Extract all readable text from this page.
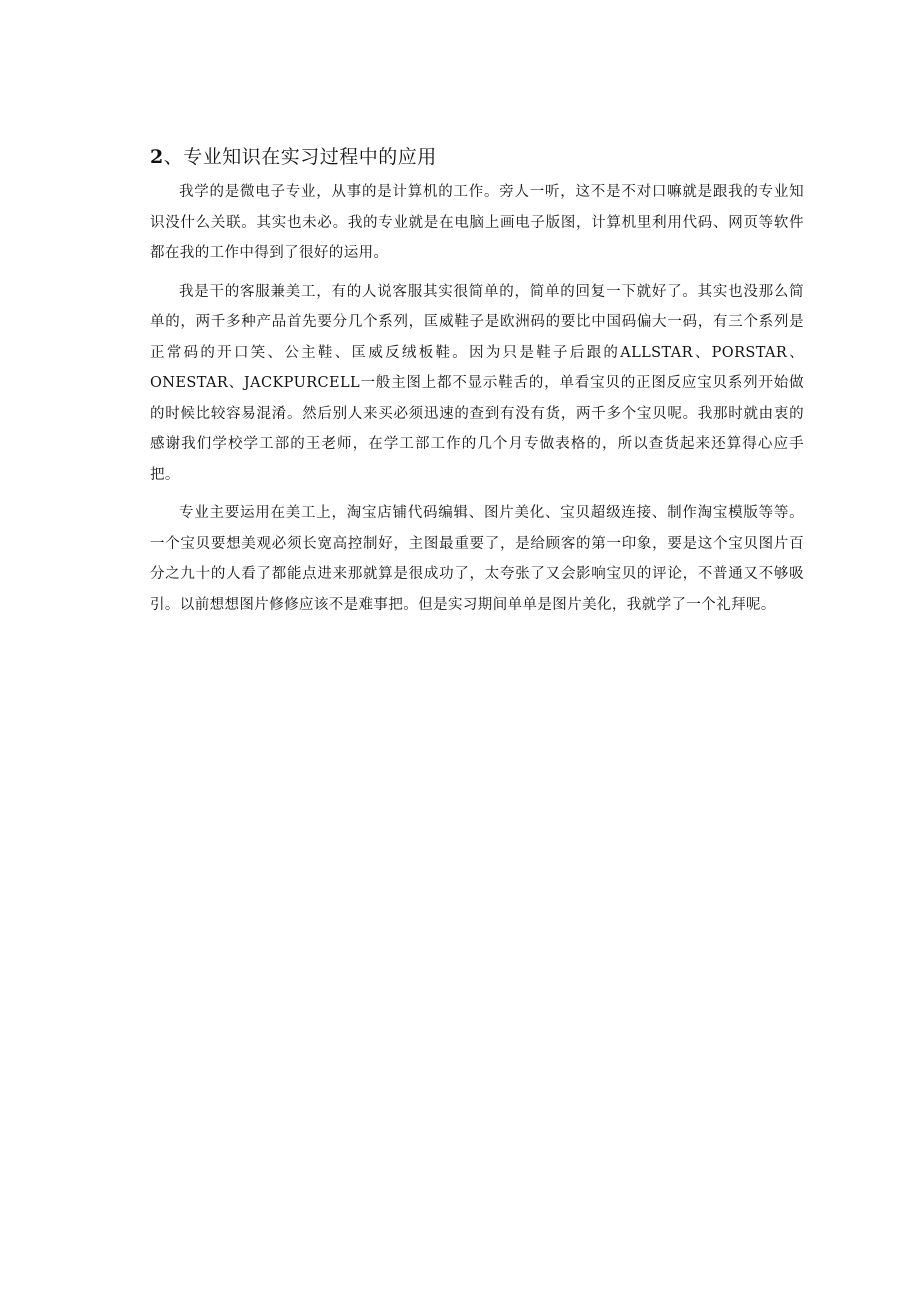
2、专业知识在实习过程中的应用

我学的是微电子专业，从事的是计算机的工作。旁人一听，这不是不对口嘛就是跟我的专业知识没什么关联。其实也未必。我的专业就是在电脑上画电子版图，计算机里利用代码、网页等软件都在我的工作中得到了很好的运用。

我是干的客服兼美工，有的人说客服其实很简单的，简单的回复一下就好了。其实也没那么简单的，两千多种产品首先要分几个系列，匡威鞋子是欧洲码的要比中国码偏大一码，有三个系列是正常码的开口笑、公主鞋、匡威反绒板鞋。因为只是鞋子后跟的ALLSTAR、PORSTAR、ONESTAR、JACKPURCELL一般主图上都不显示鞋舌的，单看宝贝的正图反应宝贝系列开始做的时候比较容易混淆。然后别人来买必须迅速的查到有没有货，两千多个宝贝呢。我那时就由衷的感谢我们学校学工部的王老师，在学工部工作的几个月专做表格的，所以查货起来还算得心应手把。

专业主要运用在美工上，淘宝店铺代码编辑、图片美化、宝贝超级连接、制作淘宝模版等等。一个宝贝要想美观必须长宽高控制好，主图最重要了，是给顾客的第一印象，要是这个宝贝图片百分之九十的人看了都能点进来那就算是很成功了，太夸张了又会影响宝贝的评论，不普通又不够吸引。以前想想图片修修应该不是难事把。但是实习期间单单是图片美化，我就学了一个礼拜呢。
